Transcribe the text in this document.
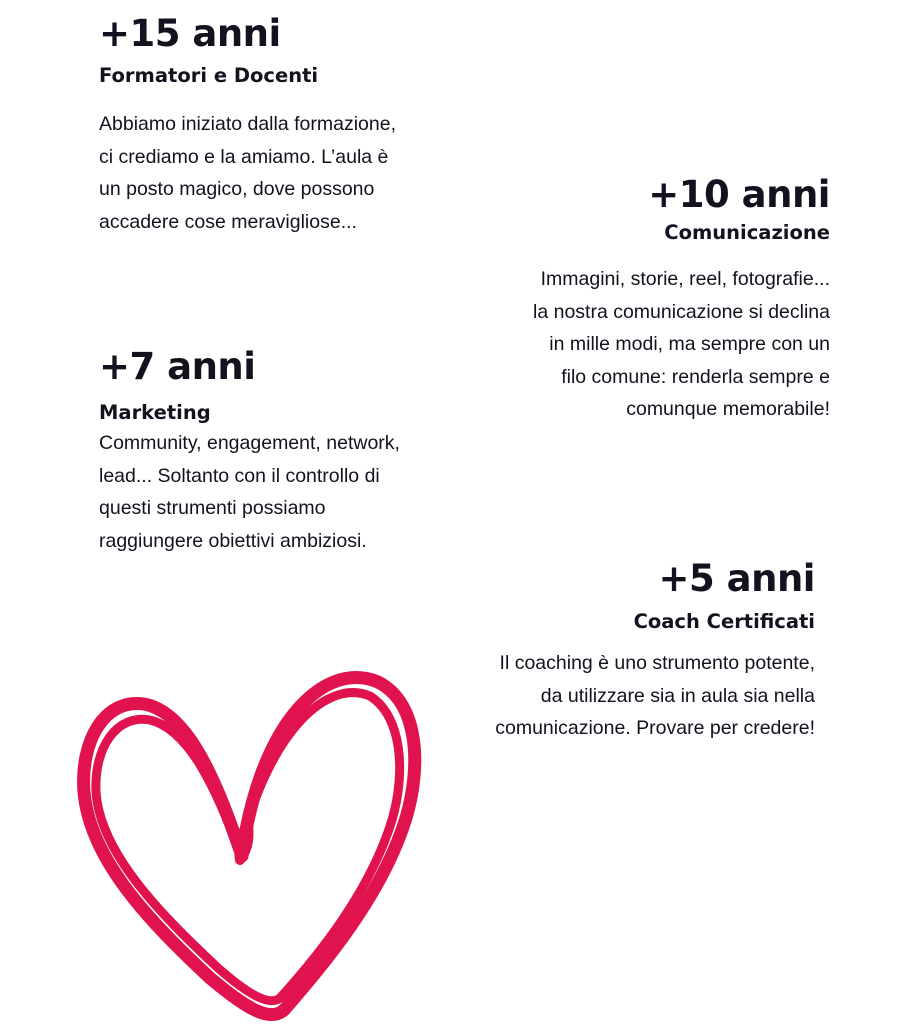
+15 anni
Formatori e Docenti

Abbiamo iniziato dalla formazione,
ci crediamo e la amiamo. L’aula è
un posto magico, dove possono
accadere cose meravigliose...

+10 anni
Comunicazione

Immagini, storie, reel, fotografie...
la nostra comunicazione si declina
in mille modi, ma sempre con un
filo comune: renderla sempre e
comunque memorabile!

+7 anni
Marketing

Community, engagement, network,
lead... Soltanto con il controllo di
questi strumenti possiamo
raggiungere obiettivi ambiziosi.

+5 anni
Coach Certificati

Il coaching è uno strumento potente,
da utilizzare sia in aula sia nella
comunicazione. Provare per credere!
